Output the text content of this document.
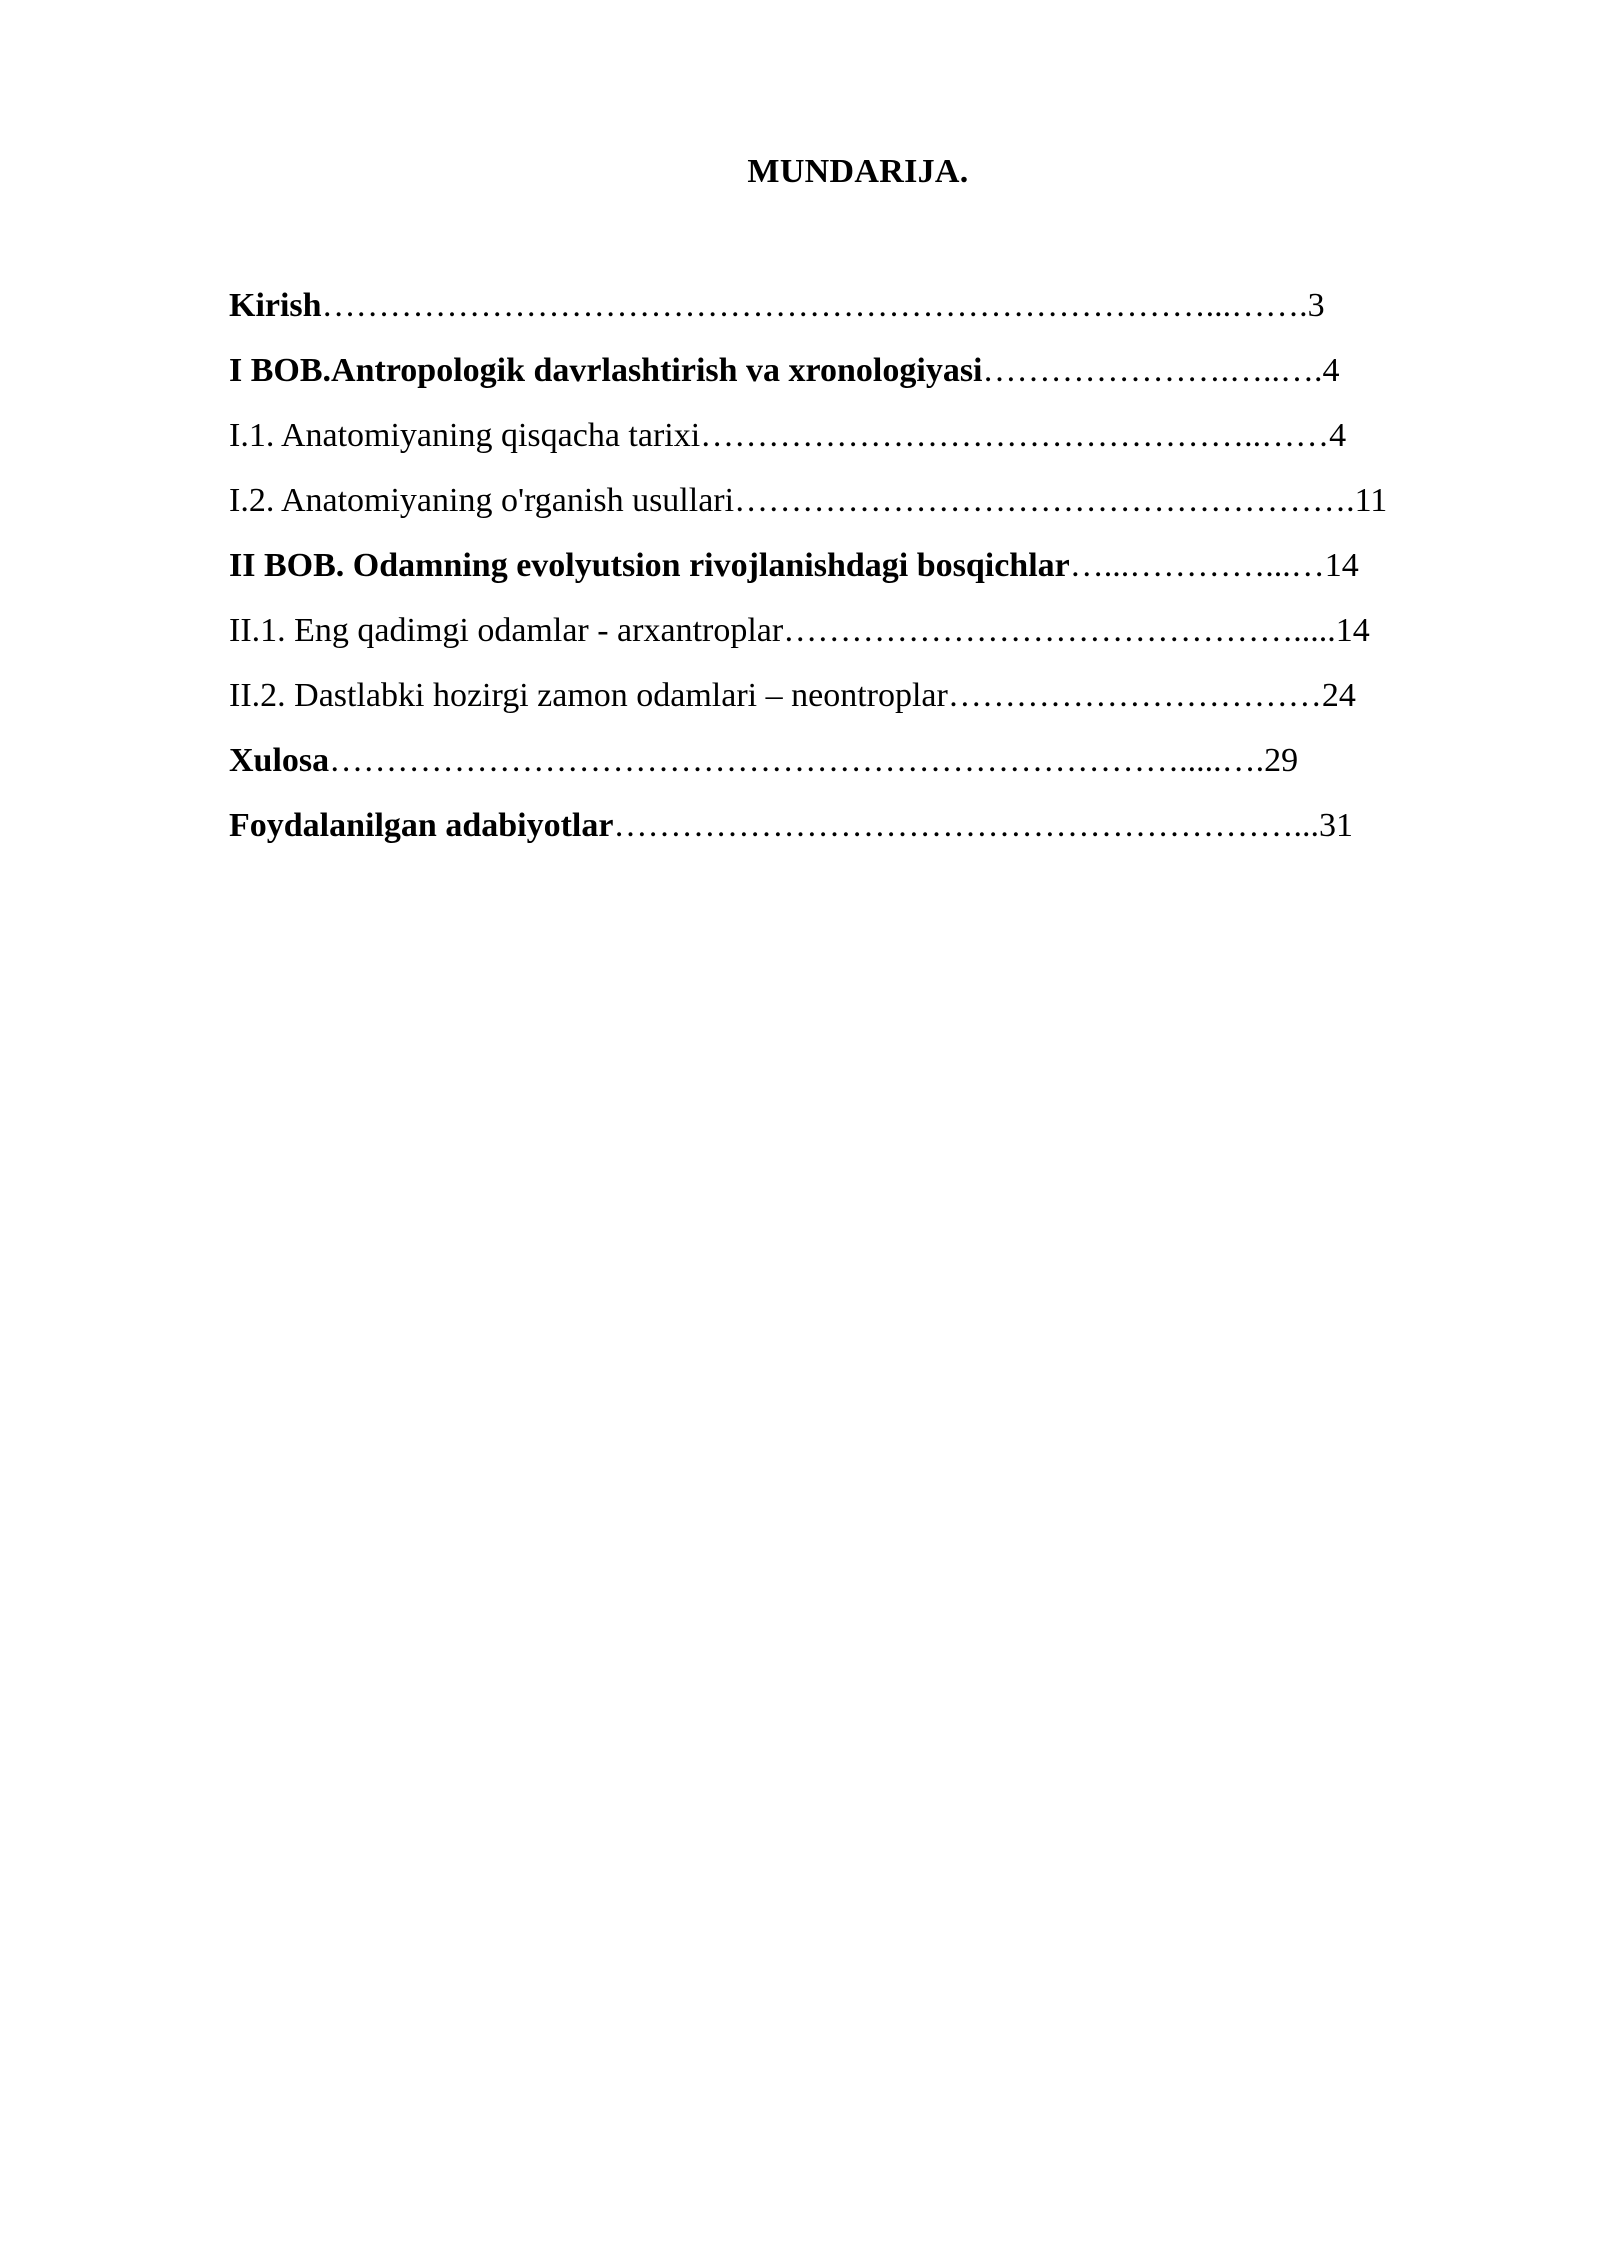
MUNDARIJA.
Kirish……………………………………………………………………...…….3
I BOB.Antropologik davrlashtirish va xronologiyasi………………….…..….4
I.1. Anatomiyaning qisqacha tarixi…………………………………………..……4
I.2. Anatomiyaning o'rganish usullari……………………………………………….11
II BOB. Odamning evolyutsion rivojlanishdagi bosqichlar…...…………...…14
II.1. Eng qadimgi odamlar - arxantroplar……………………………………….....14
II.2. Dastlabki hozirgi zamon odamlari – neontroplar……………………………24
Xulosa………………………………………………………………….....….29
Foydalanilgan adabiyotlar……………………………………………………...31
